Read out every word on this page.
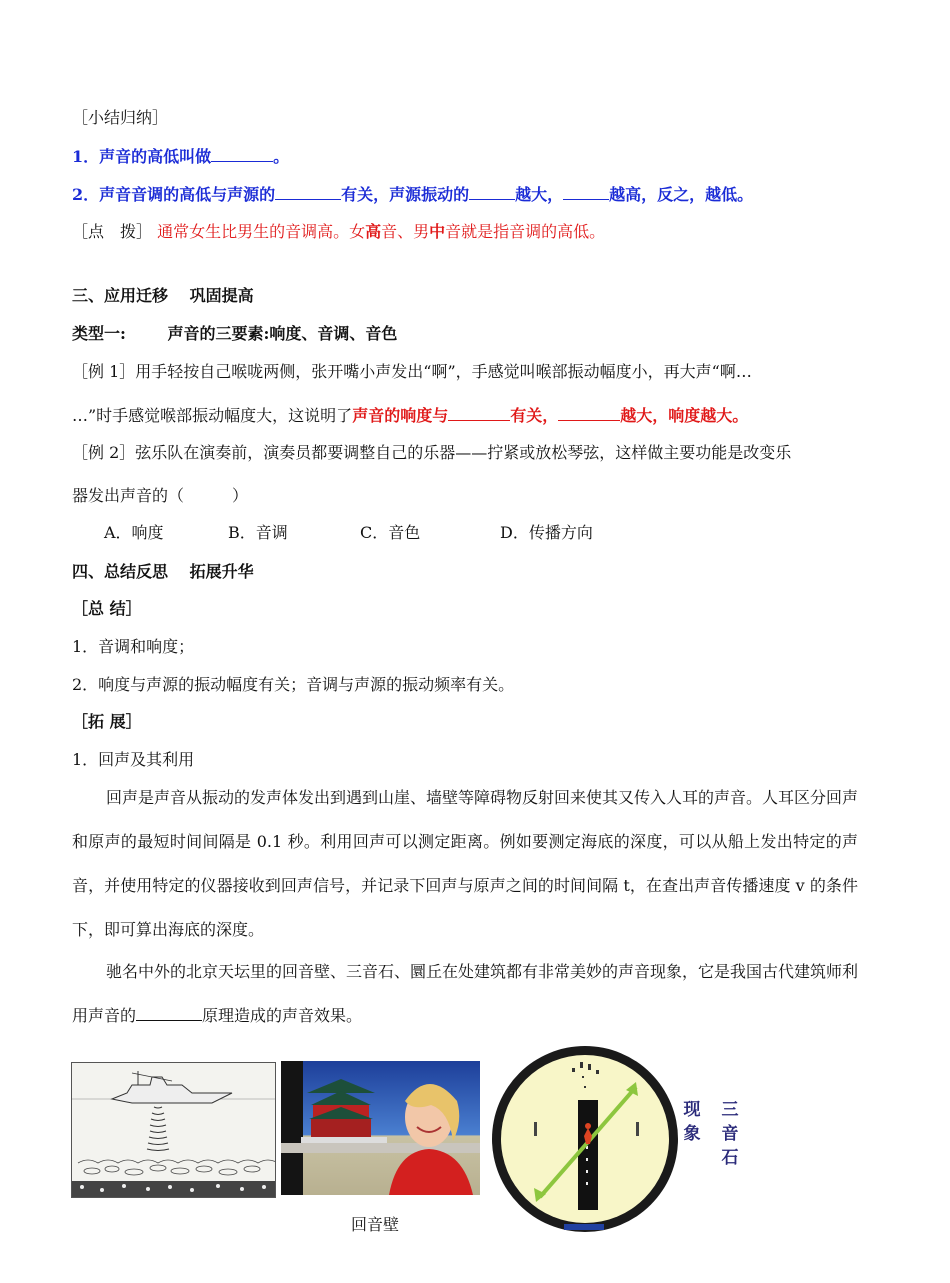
［小结归纳］
1．声音的高低叫做	。
2．声音音调的高低与声源的	有关，声源振动的	越大，	越高，反之，越低。
［点　拨］ 通常女生比男生的音调高。女高音、男中音就是指音调的高低。
三、应用迁移　 巩固提高
类型一:	声音的三要素:响度、音调、音色
［例 1］用手轻按自己喉咙两侧，张开嘴小声发出“啊”，手感觉叫喉部振动幅度小，再大声“啊…
…”时手感觉喉部振动幅度大，这说明了声音的响度与	有关，	越大，响度越大。
［例 2］弦乐队在演奏前，演奏员都要调整自己的乐器——拧紧或放松琴弦，这样做主要功能是改变乐
器发出声音的（　　　）
A．响度	B．音调	C．音色	D．传播方向
四、总结反思　 拓展升华
［总 结］
1．音调和响度；
2．响度与声源的振动幅度有关；音调与声源的振动频率有关。
［拓 展］
1．回声及其利用
回声是声音从振动的发声体发出到遇到山崖、墙壁等障碍物反射回来使其又传入人耳的声音。人耳区分回声和原声的最短时间间隔是 0.1 秒。利用回声可以测定距离。例如要测定海底的深度，可以从船上发出特定的声音，并使用特定的仪器接收到回声信号，并记录下回声与原声之间的时间间隔 t，在查出声音传播速度 v 的条件下，即可算出海底的深度。
驰名中外的北京天坛里的回音壁、三音石、圜丘在处建筑都有非常美妙的声音现象，它是我国古代建筑师利用声音的	原理造成的声音效果。
回音壁
现
象
三
音
石
